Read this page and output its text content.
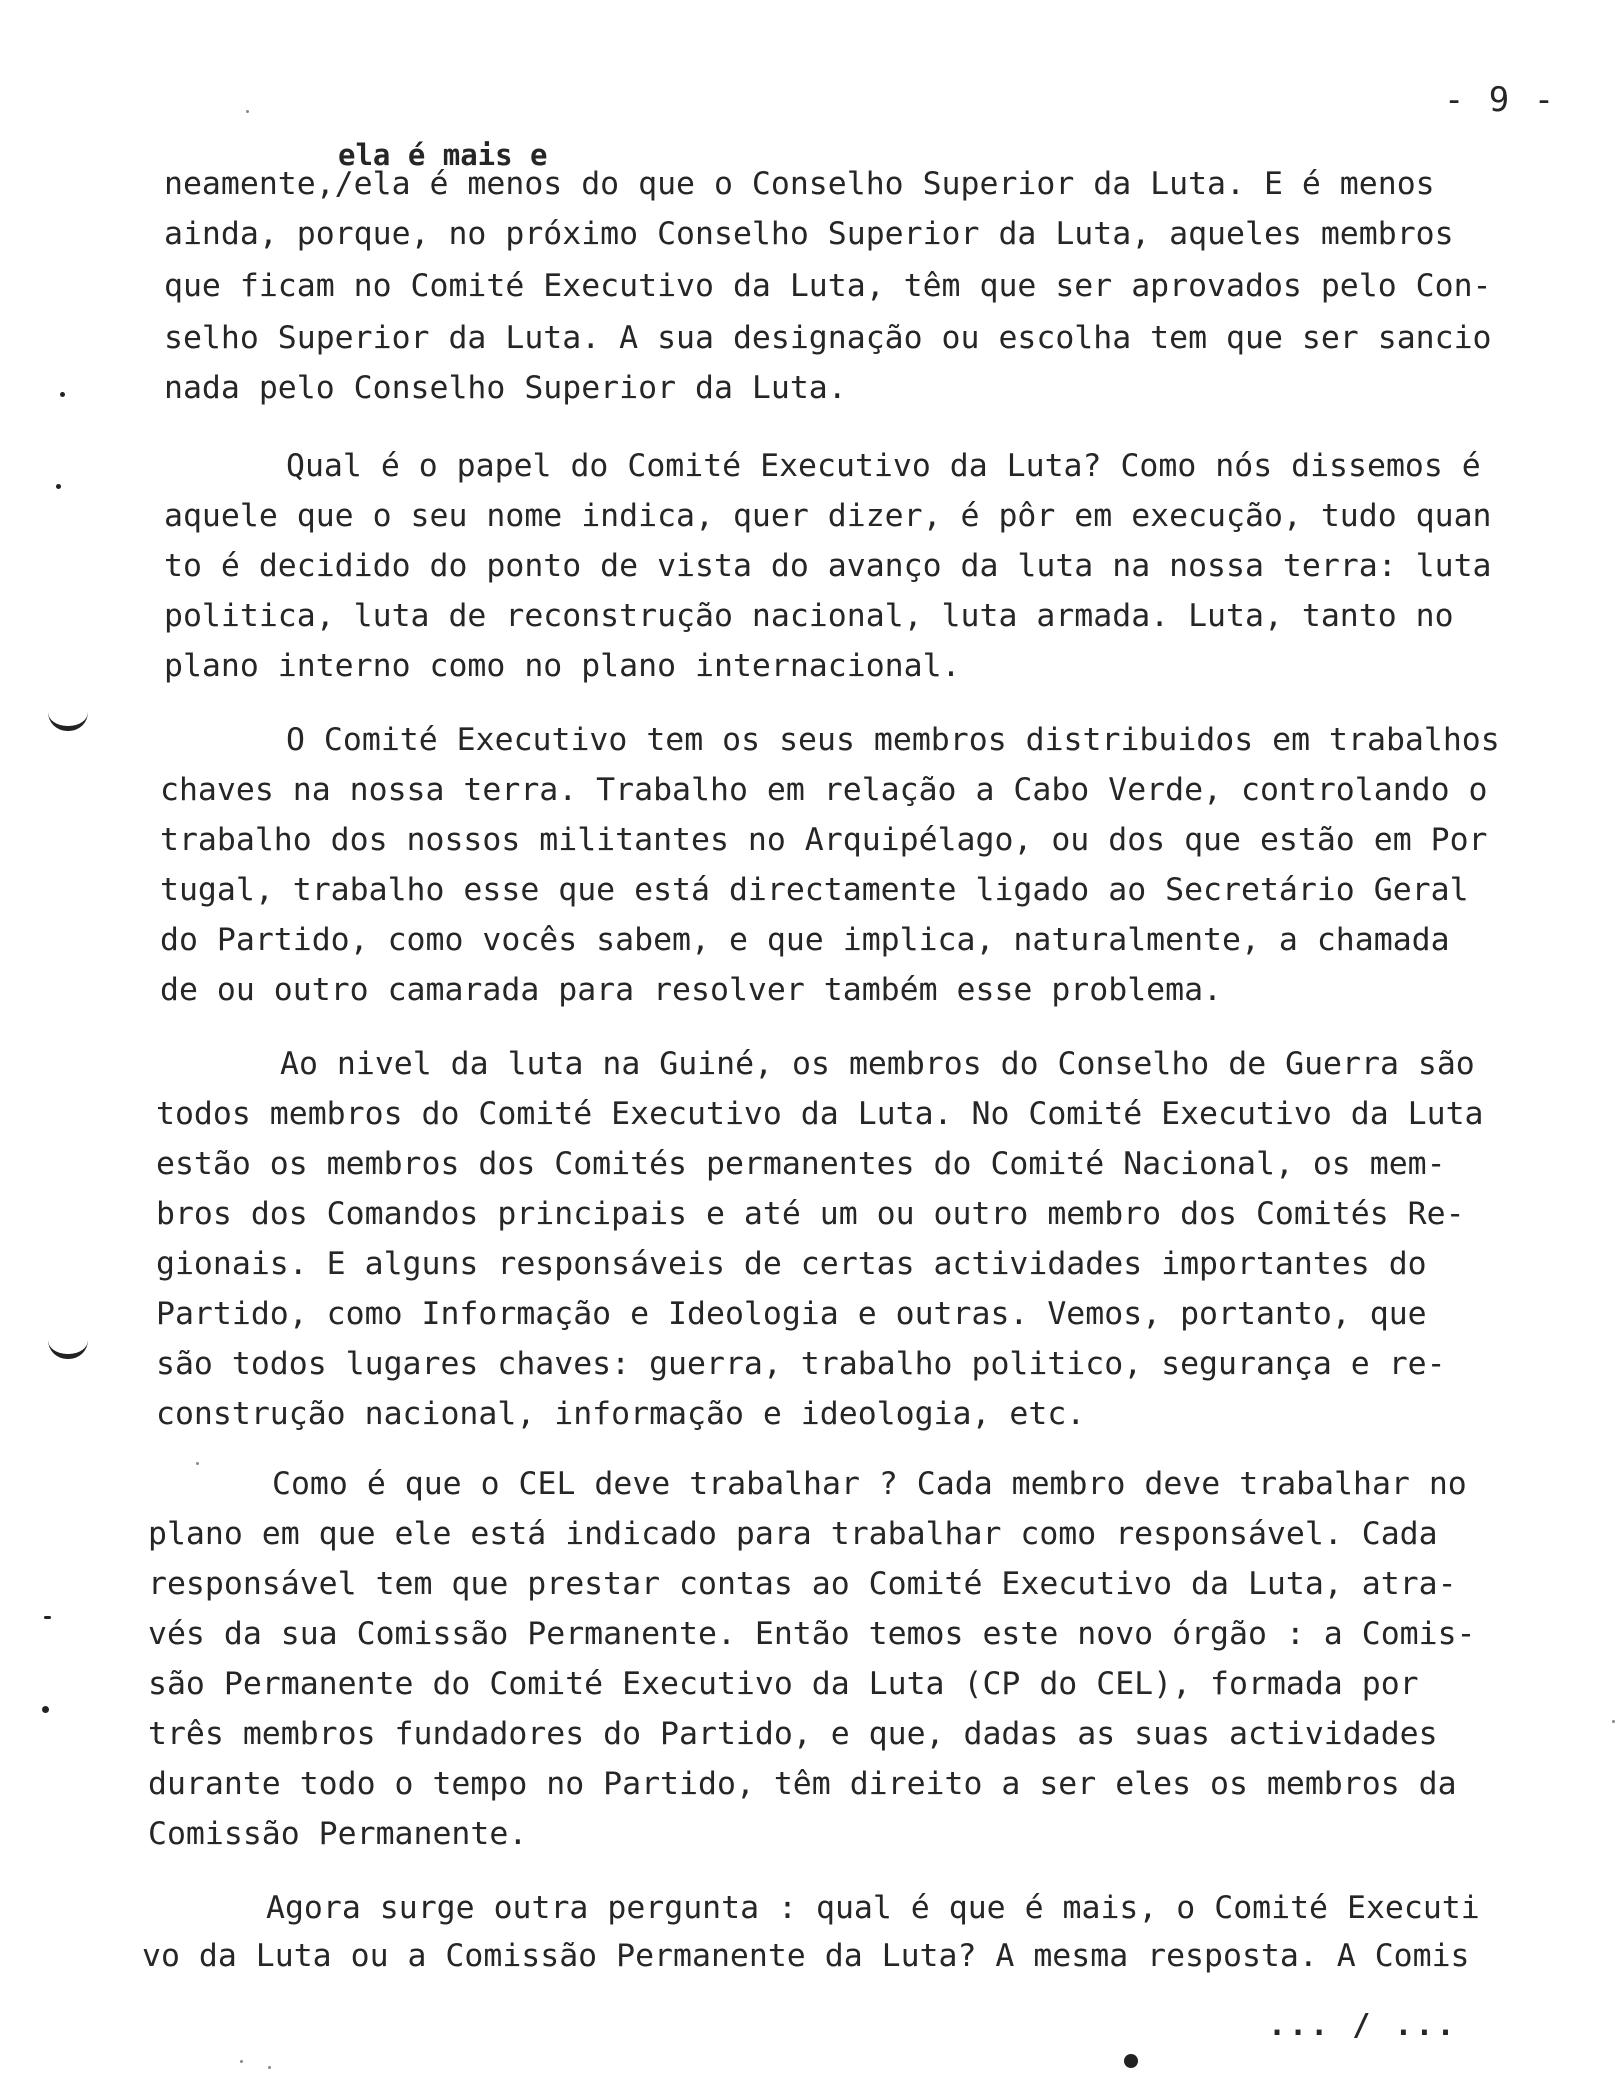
- 9 -
ela é mais e
neamente,/ela é menos do que o Conselho Superior da Luta. E é menos
ainda, porque, no próximo Conselho Superior da Luta, aqueles membros
que ficam no Comité Executivo da Luta, têm que ser aprovados pelo Con-
selho Superior da Luta. A sua designação ou escolha tem que ser sancio
nada pelo Conselho Superior da Luta.
Qual é o papel do Comité Executivo da Luta? Como nós dissemos é
aquele que o seu nome indica, quer dizer, é pôr em execução, tudo quan
to é decidido do ponto de vista do avanço da luta na nossa terra: luta
politica, luta de reconstrução nacional, luta armada. Luta, tanto no
plano interno como no plano internacional.
O Comité Executivo tem os seus membros distribuidos em trabalhos
chaves na nossa terra. Trabalho em relação a Cabo Verde, controlando o
trabalho dos nossos militantes no Arquipélago, ou dos que estão em Por
tugal, trabalho esse que está directamente ligado ao Secretário Geral
do Partido, como vocês sabem, e que implica, naturalmente, a chamada
de ou outro camarada para resolver também esse problema.
Ao nivel da luta na Guiné, os membros do Conselho de Guerra são
todos membros do Comité Executivo da Luta. No Comité Executivo da Luta
estão os membros dos Comités permanentes do Comité Nacional, os mem-
bros dos Comandos principais e até um ou outro membro dos Comités Re-
gionais. E alguns responsáveis de certas actividades importantes do
Partido, como Informação e Ideologia e outras. Vemos, portanto, que
são todos lugares chaves: guerra, trabalho politico, segurança e re-
construção nacional, informação e ideologia, etc.
Como é que o CEL deve trabalhar ? Cada membro deve trabalhar no
plano em que ele está indicado para trabalhar como responsável. Cada
responsável tem que prestar contas ao Comité Executivo da Luta, atra-
vés da sua Comissão Permanente. Então temos este novo órgão : a Comis-
são Permanente do Comité Executivo da Luta (CP do CEL), formada por
três membros fundadores do Partido, e que, dadas as suas actividades
durante todo o tempo no Partido, têm direito a ser eles os membros da
Comissão Permanente.
Agora surge outra pergunta : qual é que é mais, o Comité Executi
vo da Luta ou a Comissão Permanente da Luta? A mesma resposta. A Comis
... / ...
